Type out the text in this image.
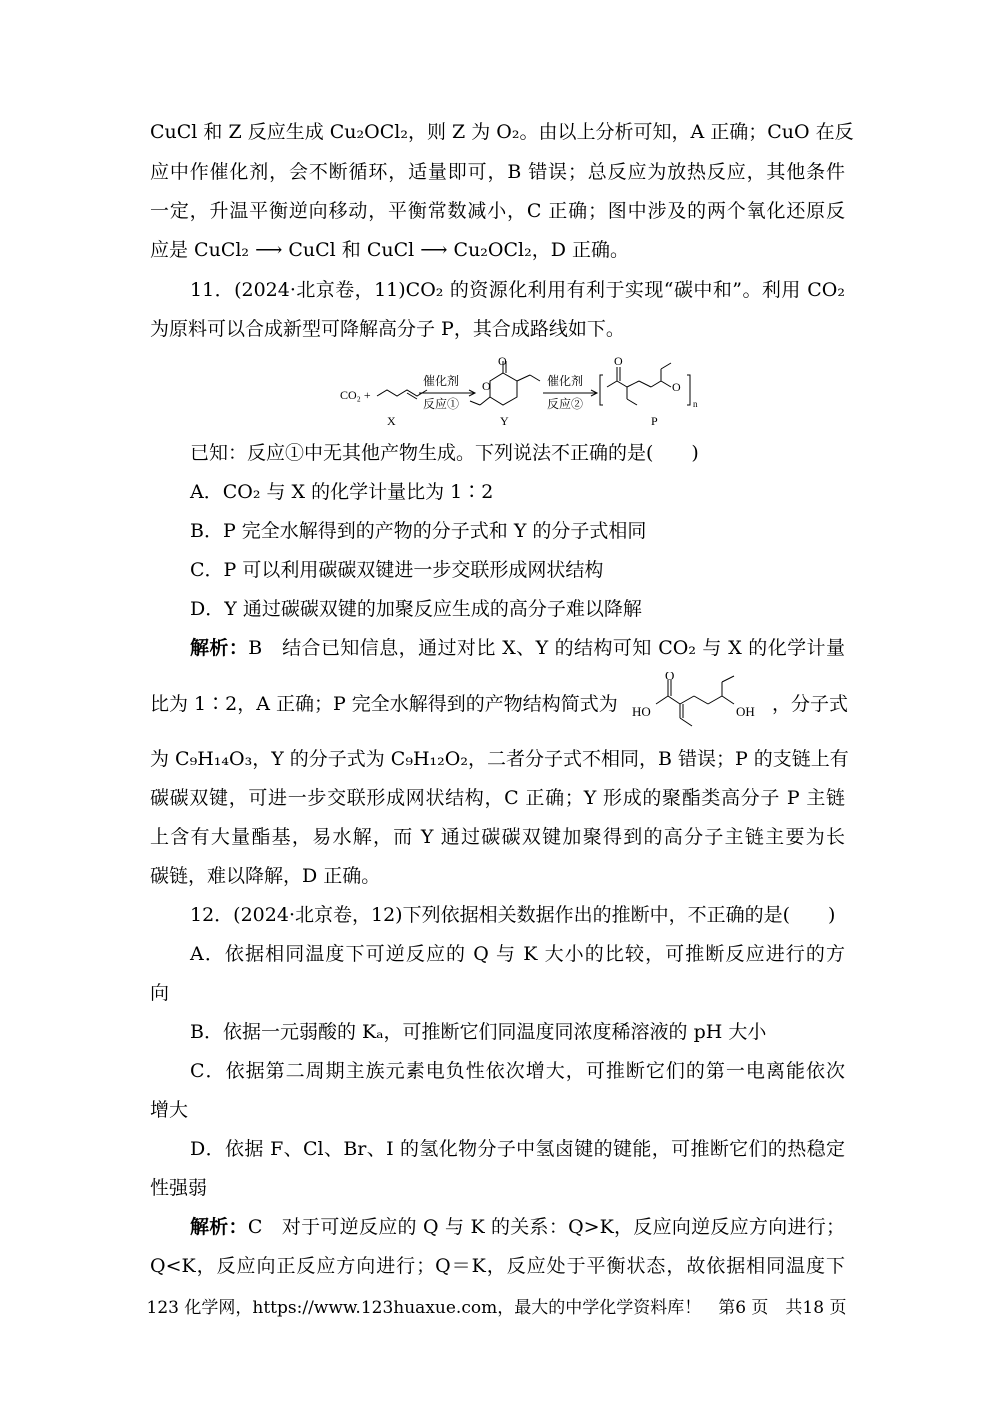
CuCl 和 Z 反应生成 Cu₂OCl₂，则 Z 为 O₂。由以上分析可知，A 正确；CuO 在反
应中作催化剂，会不断循环，适量即可，B 错误；总反应为放热反应，其他条件
一定，升温平衡逆向移动，平衡常数减小，C 正确；图中涉及的两个氧化还原反
应是 CuCl₂ ⟶ CuCl 和 CuCl ⟶ Cu₂OCl₂，D 正确。
11．(2024·北京卷，11)CO₂ 的资源化利用有利于实现“碳中和”。利用 CO₂
为原料可以合成新型可降解高分子 P，其合成路线如下。
CO₂ +
X
催化剂
反应①
O
O
Y
催化剂
反应②
O
O
n
P
已知：反应①中无其他产物生成。下列说法不正确的是(　　)
A．CO₂ 与 X 的化学计量比为 1∶2
B．P 完全水解得到的产物的分子式和 Y 的分子式相同
C．P 可以利用碳碳双键进一步交联形成网状结构
D．Y 通过碳碳双键的加聚反应生成的高分子难以降解
解析：B　结合已知信息，通过对比 X、Y 的结构可知 CO₂ 与 X 的化学计量
比为 1∶2，A 正确；P 完全水解得到的产物结构简式为
O
HO	OH ，分子式
为 C₉H₁₄O₃，Y 的分子式为 C₉H₁₂O₂，二者分子式不相同，B 错误；P 的支链上有
碳碳双键，可进一步交联形成网状结构，C 正确；Y 形成的聚酯类高分子 P 主链
上含有大量酯基，易水解，而 Y 通过碳碳双键加聚得到的高分子主链主要为长
碳链，难以降解，D 正确。
12．(2024·北京卷，12)下列依据相关数据作出的推断中，不正确的是(　　)
A．依据相同温度下可逆反应的 Q 与 K 大小的比较，可推断反应进行的方
向
B．依据一元弱酸的 Kₐ，可推断它们同温度同浓度稀溶液的 pH 大小
C．依据第二周期主族元素电负性依次增大，可推断它们的第一电离能依次
增大
D．依据 F、Cl、Br、I 的氢化物分子中氢卤键的键能，可推断它们的热稳定
性强弱
解析：C　对于可逆反应的 Q 与 K 的关系：Q>K，反应向逆反应方向进行；
Q<K，反应向正反应方向进行；Q＝K，反应处于平衡状态，故依据相同温度下
123 化学网，https://www.123huaxue.com，最大的中学化学资料库！　第6 页　共18 页
